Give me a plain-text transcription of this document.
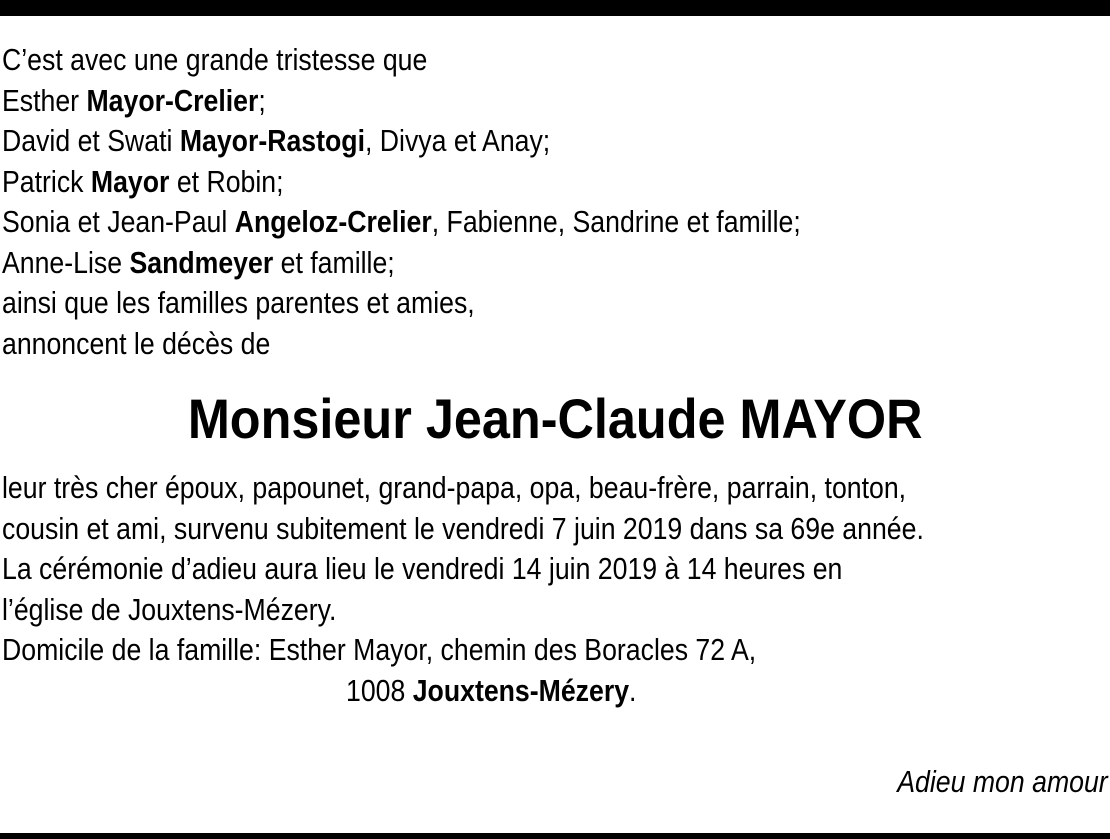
C’est avec une grande tristesse que
Esther Mayor-Crelier;
David et Swati Mayor-Rastogi, Divya et Anay;
Patrick Mayor et Robin;
Sonia et Jean-Paul Angeloz-Crelier, Fabienne, Sandrine et famille;
Anne-Lise Sandmeyer et famille;
ainsi que les familles parentes et amies,
annoncent le décès de
Monsieur Jean-Claude MAYOR
leur très cher époux, papounet, grand-papa, opa, beau-frère, parrain, tonton,
cousin et ami, survenu subitement le vendredi 7 juin 2019 dans sa 69e année.
La cérémonie d’adieu aura lieu le vendredi 14 juin 2019 à 14 heures en
l’église de Jouxtens-Mézery.
Domicile de la famille: Esther Mayor, chemin des Boracles 72 A,
1008 Jouxtens-Mézery.
Adieu mon amour
